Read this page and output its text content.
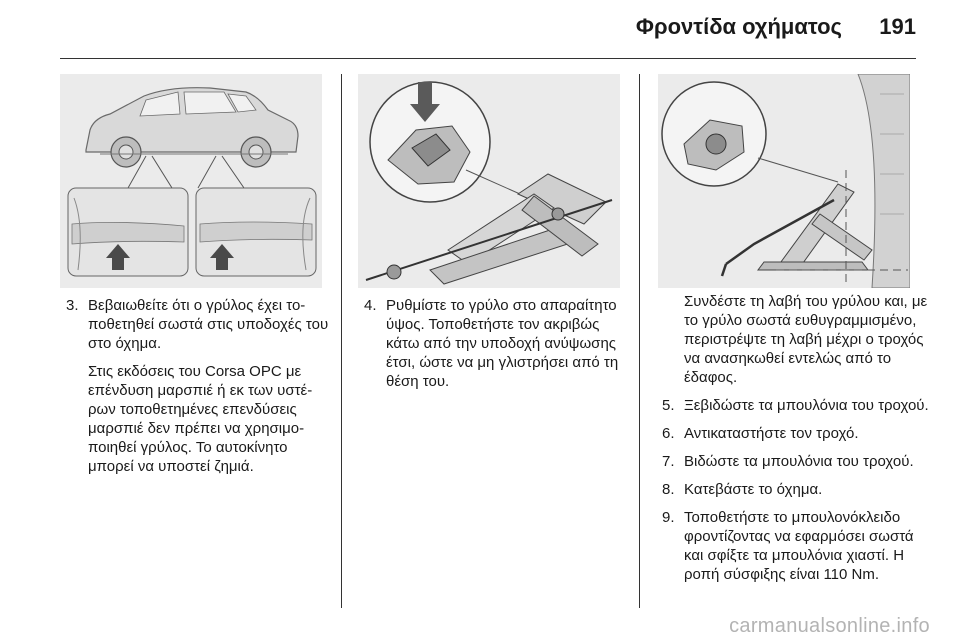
Φροντίδα οχήματος 191
3. Βεβαιωθείτε ότι ο γρύλος έχει τοποθετηθεί σωστά στις υποδοχές του στο όχημα.
Στις εκδόσεις του Corsa OPC με επένδυση μαρσπιέ ή εκ των υστέρων τοποθετημένες επενδύσεις μαρσπιέ δεν πρέπει να χρησιμοποιηθεί γρύλος. Το αυτοκίνητο μπορεί να υποστεί ζημιά.
4. Ρυθμίστε το γρύλο στο απαραίτητο ύψος. Τοποθετήστε τον ακριβώς κάτω από την υποδοχή ανύψωσης έτσι, ώστε να μη γλιστρήσει από τη θέση του.
Συνδέστε τη λαβή του γρύλου και, με το γρύλο σωστά ευθυγραμμισμένο, περιστρέψτε τη λαβή μέχρι ο τροχός να ανασηκωθεί εντελώς από το έδαφος.
5. Ξεβιδώστε τα μπουλόνια του τροχού.
6. Αντικαταστήστε τον τροχό.
7. Βιδώστε τα μπουλόνια του τροχού.
8. Κατεβάστε το όχημα.
9. Τοποθετήστε το μπουλονόκλειδο φροντίζοντας να εφαρμόσει σωστά και σφίξτε τα μπουλόνια χιαστί. Η ροπή σύσφιξης είναι 110 Nm.
carmanualsonline.info
